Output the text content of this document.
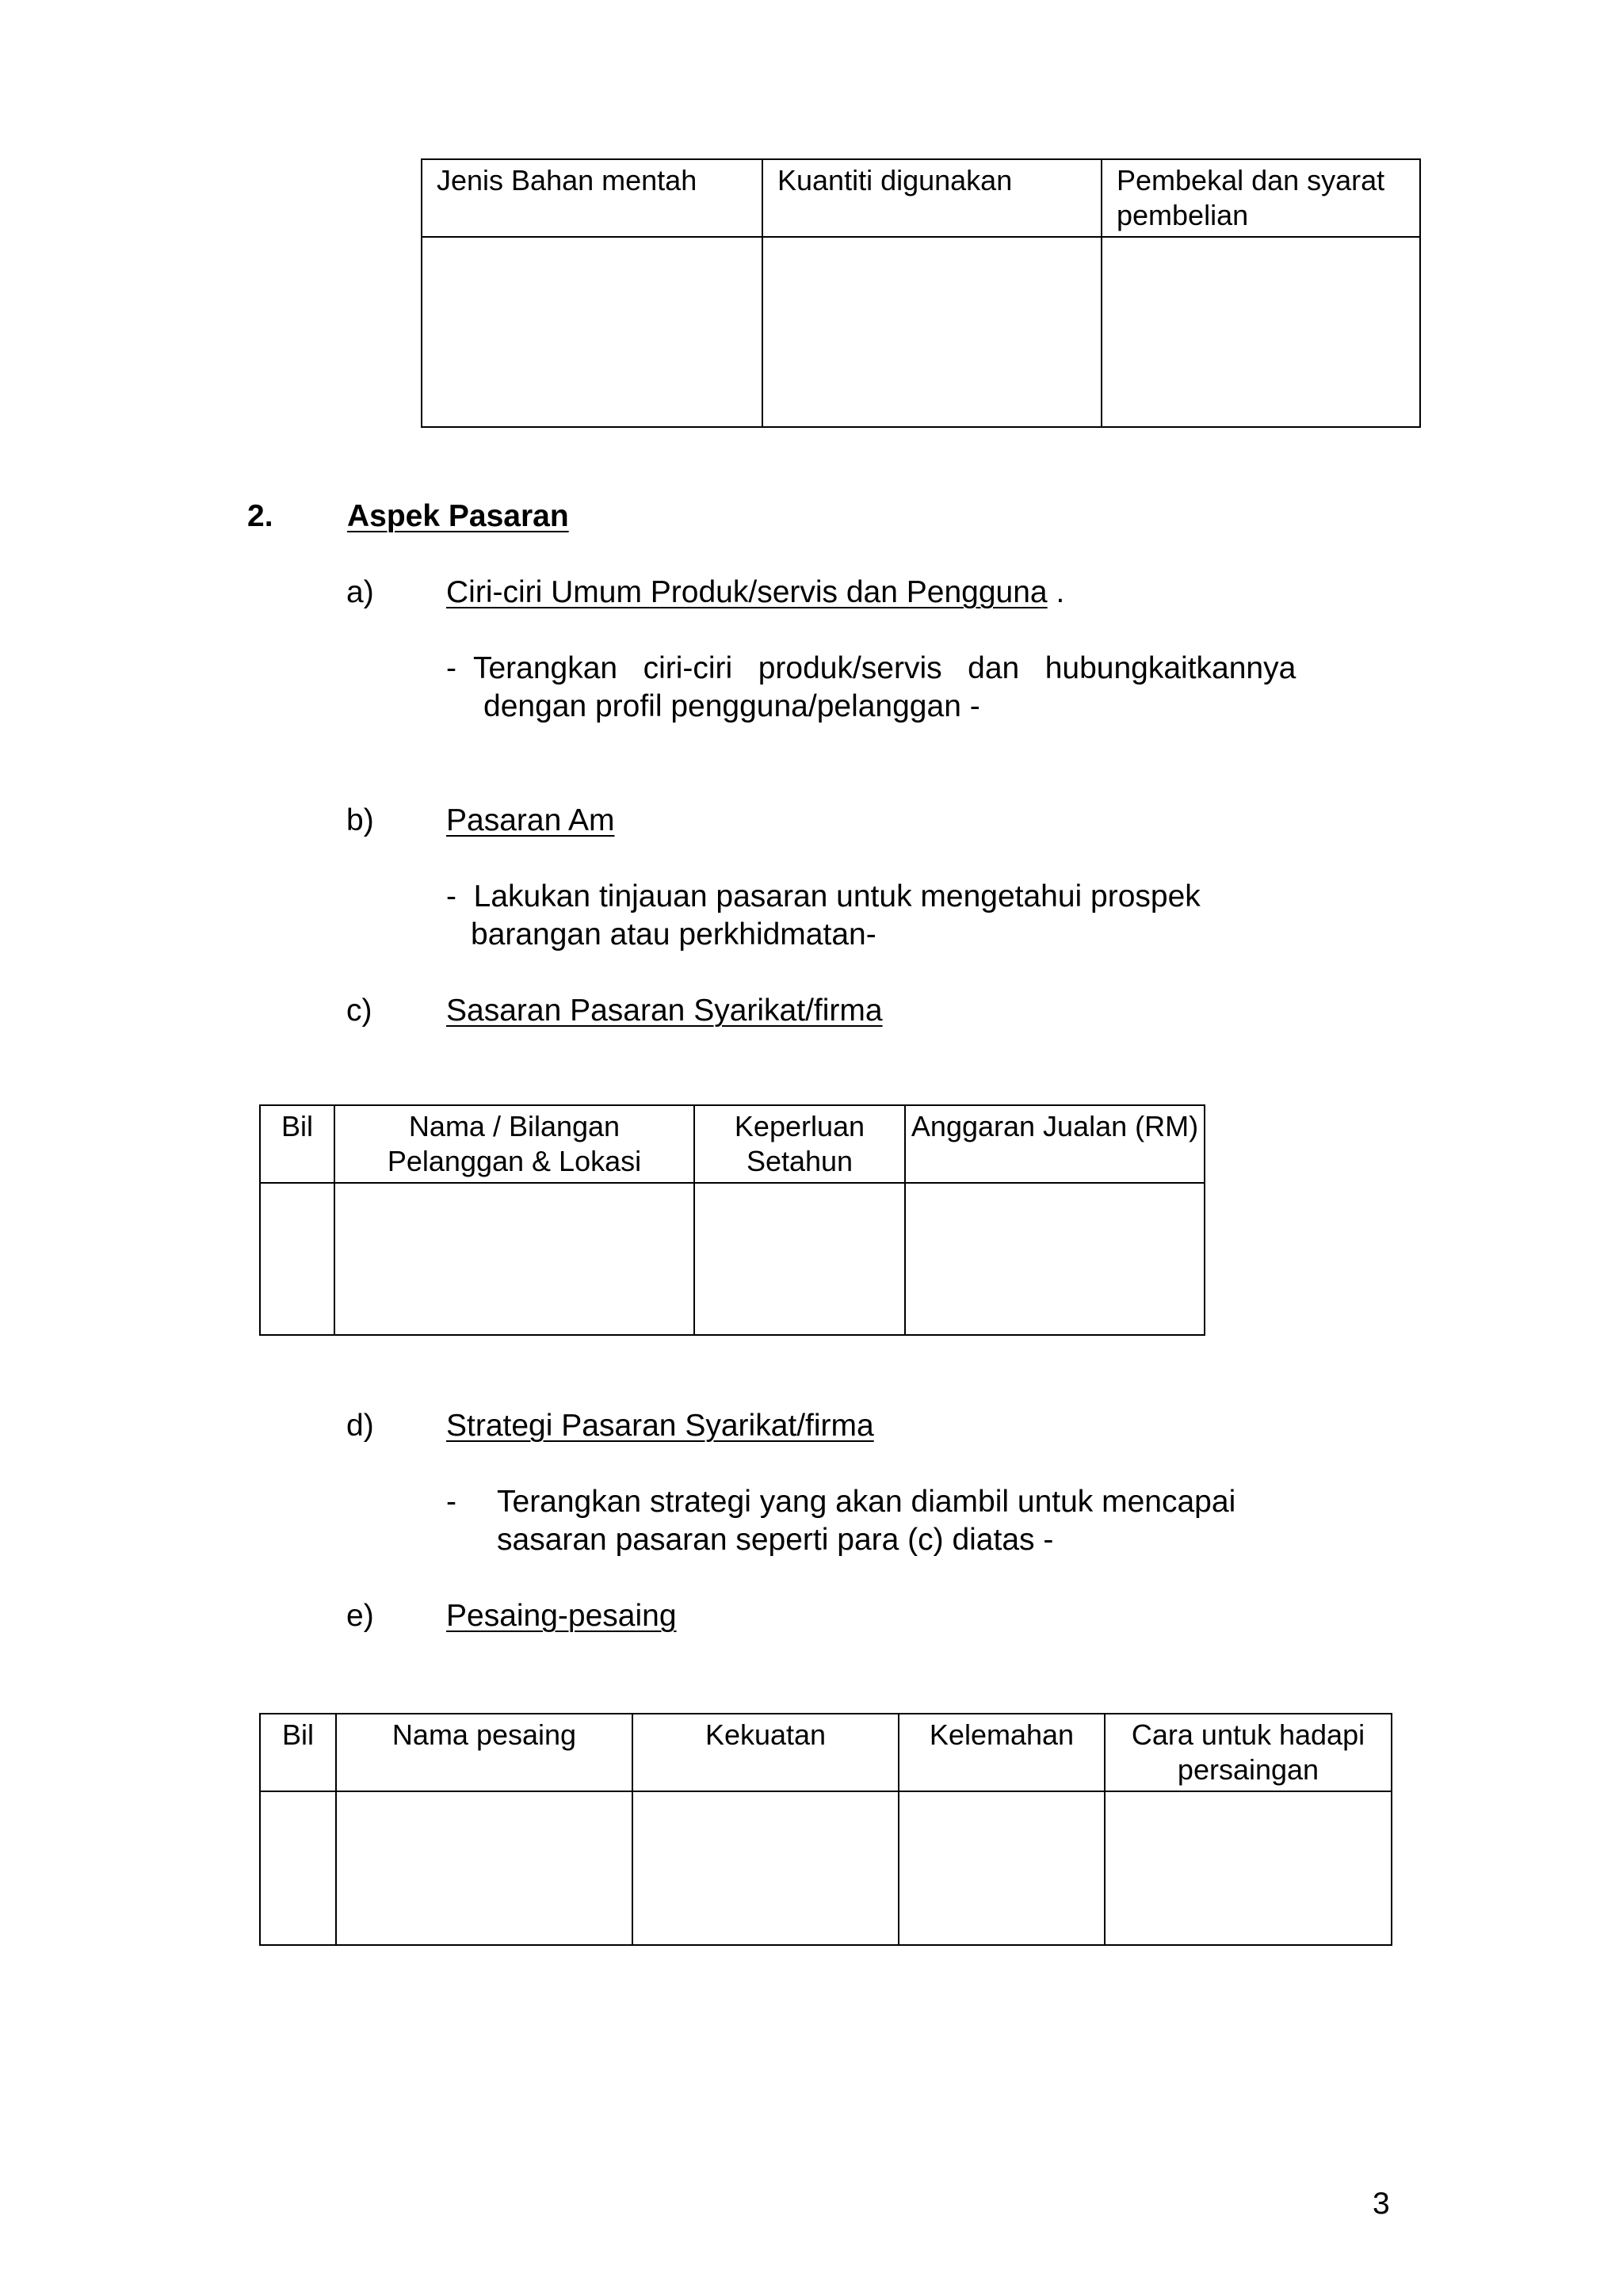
Jenis Bahan mentah	Kuantiti digunakan	Pembekal dan syarat pembelian

2. Aspek Pasaran
a) Ciri-ciri Umum Produk/servis dan Pengguna .
-  Terangkan   ciri-ciri   produk/servis   dan   hubungkaitkannya
dengan profil pengguna/pelanggan -
b) Pasaran Am
-  Lakukan tinjauan pasaran untuk mengetahui prospek
barangan atau perkhidmatan-
c) Sasaran Pasaran Syarikat/firma
Bil	Nama / Bilangan Pelanggan & Lokasi	Keperluan Setahun	Anggaran Jualan (RM)

d) Strategi Pasaran Syarikat/firma
- Terangkan strategi yang akan diambil untuk mencapai
sasaran pasaran seperti para (c) diatas -
e) Pesaing-pesaing
Bil	Nama pesaing	Kekuatan	Kelemahan	Cara untuk hadapi persaingan

3
